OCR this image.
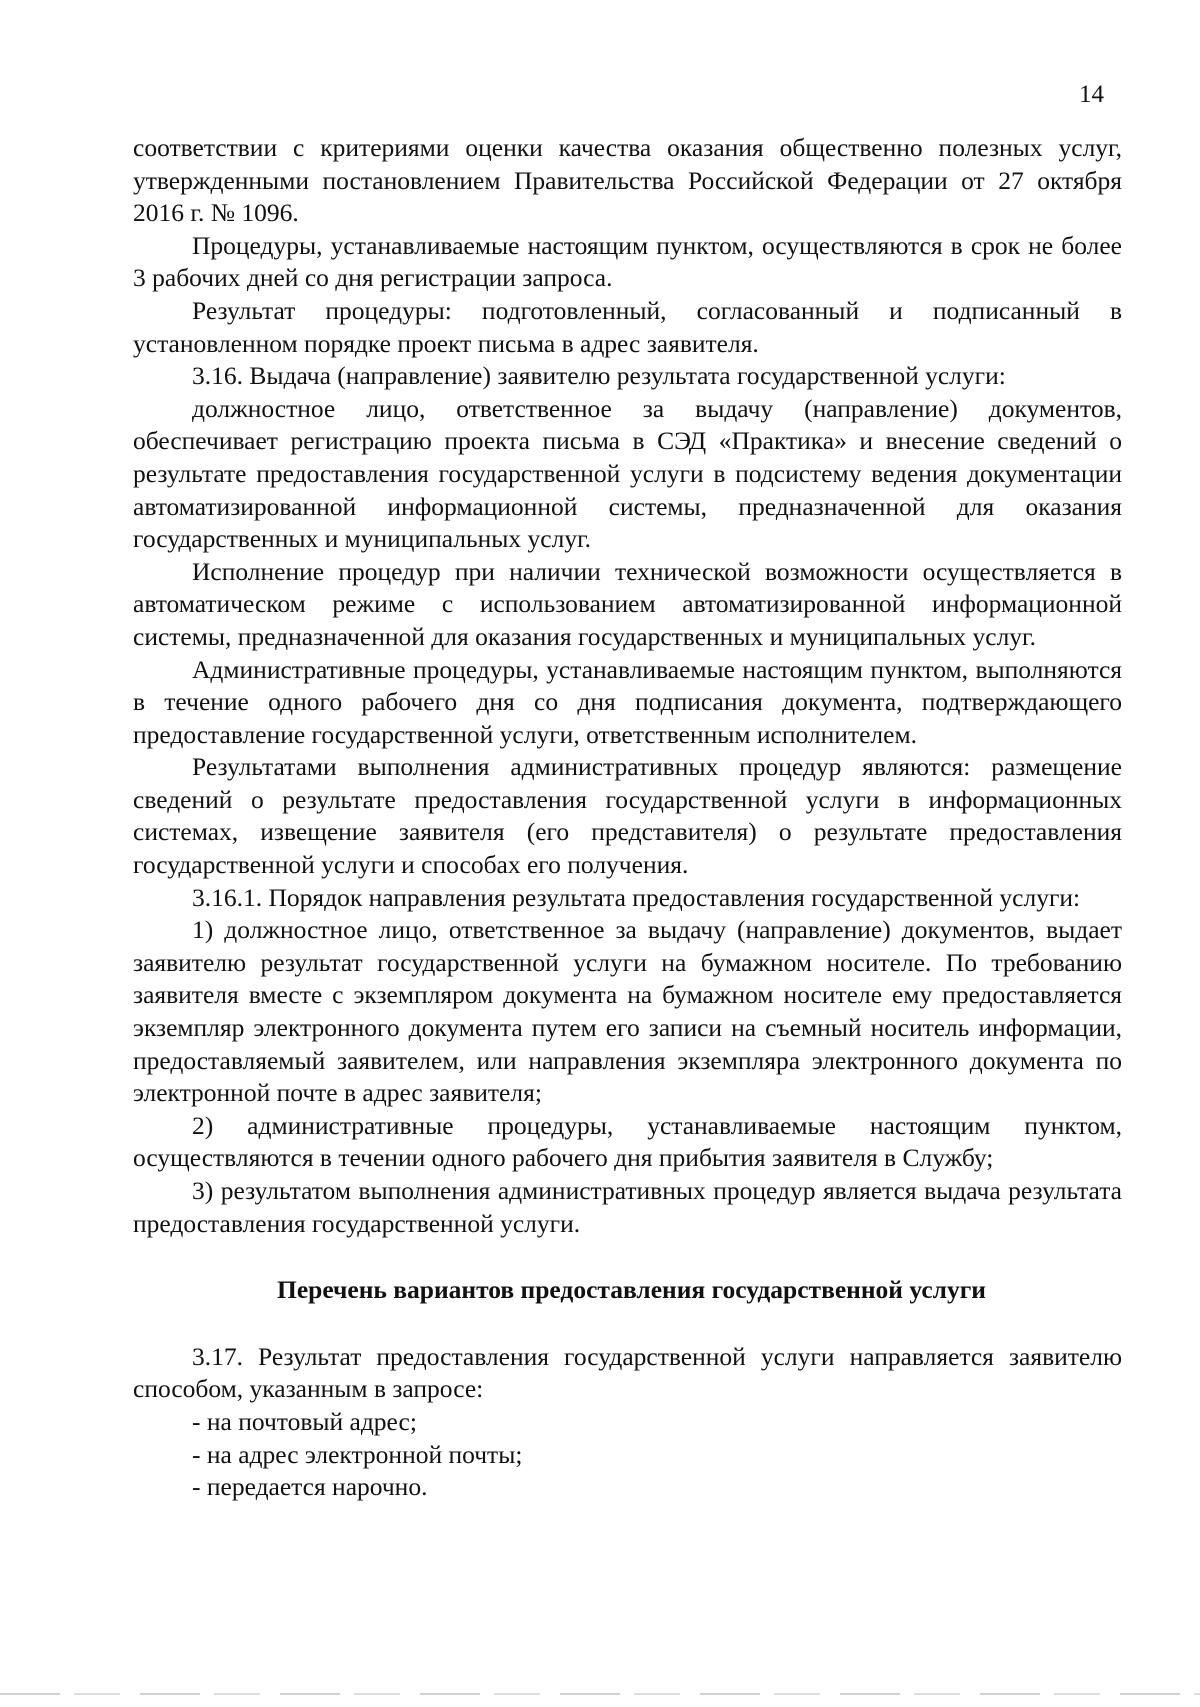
14

соответствии с критериями оценки качества оказания общественно полезных услуг, утвержденными постановлением Правительства Российской Федерации от 27 октября 2016 г. № 1096.

Процедуры, устанавливаемые настоящим пунктом, осуществляются в срок не более 3 рабочих дней со дня регистрации запроса.

Результат процедуры: подготовленный, согласованный и подписанный в установленном порядке проект письма в адрес заявителя.

3.16. Выдача (направление) заявителю результата государственной услуги:

должностное лицо, ответственное за выдачу (направление) документов, обеспечивает регистрацию проекта письма в СЭД «Практика» и внесение сведений о результате предоставления государственной услуги в подсистему ведения документации автоматизированной информационной системы, предназначенной для оказания государственных и муниципальных услуг.

Исполнение процедур при наличии технической возможности осуществляется в автоматическом режиме с использованием автоматизированной информационной системы, предназначенной для оказания государственных и муниципальных услуг.

Административные процедуры, устанавливаемые настоящим пунктом, выполняются в течение одного рабочего дня со дня подписания документа, подтверждающего предоставление государственной услуги, ответственным исполнителем.

Результатами выполнения административных процедур являются: размещение сведений о результате предоставления государственной услуги в информационных системах, извещение заявителя (его представителя) о результате предоставления государственной услуги и способах его получения.

3.16.1. Порядок направления результата предоставления государственной услуги:

1) должностное лицо, ответственное за выдачу (направление) документов, выдает заявителю результат государственной услуги на бумажном носителе. По требованию заявителя вместе с экземпляром документа на бумажном носителе ему предоставляется экземпляр электронного документа путем его записи на съемный носитель информации, предоставляемый заявителем, или направления экземпляра электронного документа по электронной почте в адрес заявителя;

2) административные процедуры, устанавливаемые настоящим пунктом, осуществляются в течении одного рабочего дня прибытия заявителя в Службу;

3) результатом выполнения административных процедур является выдача результата предоставления государственной услуги.

Перечень вариантов предоставления государственной услуги

3.17. Результат предоставления государственной услуги направляется заявителю способом, указанным в запросе:

- на почтовый адрес;

- на адрес электронной почты;

- передается нарочно.
